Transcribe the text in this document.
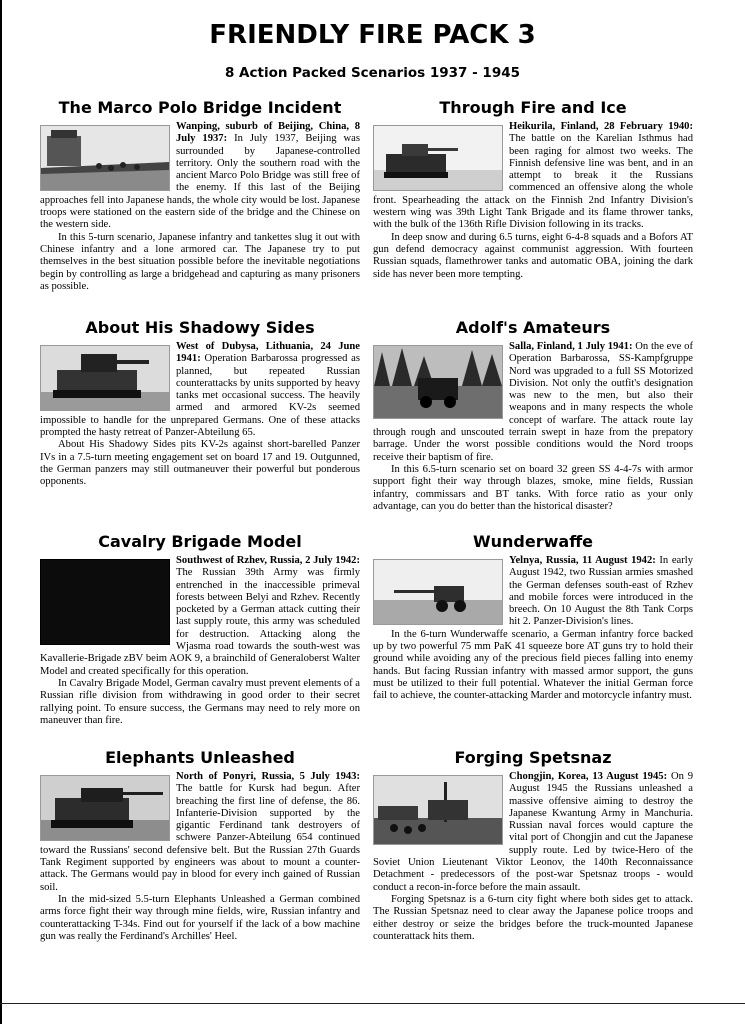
FRIENDLY FIRE PACK 3
8 Action Packed Scenarios 1937 - 1945
The Marco Polo Bridge Incident

Wanping, suburb of Beijing, China, 8 July 1937: In July 1937, Beijing was surrounded by Japanese-controlled territory. Only the southern road with the ancient Marco Polo Bridge was still free of the enemy. If this last of the Beijing approaches fell into Japanese hands, the whole city would be lost. Japanese troops were stationed on the eastern side of the bridge and the Chinese on the western side.

In this 5-turn scenario, Japanese infantry and tankettes slug it out with Chinese infantry and a lone armored car. The Japanese try to put themselves in the best situation possible before the inevitable negotiations begin by controlling as large a bridgehead and capturing as many prisoners as possible.

Through Fire and Ice

Heikurila, Finland, 28 February 1940: The battle on the Karelian Isthmus had been raging for almost two weeks. The Finnish defensive line was bent, and in an attempt to break it the Russians commenced an offensive along the whole front. Spearheading the attack on the Finnish 2nd Infantry Division's western wing was 39th Light Tank Brigade and its flame thrower tanks, with the bulk of the 136th Rifle Division following in its tracks.

In deep snow and during 6.5 turns, eight 6-4-8 squads and a Bofors AT gun defend democracy against communist aggression. With fourteen Russian squads, flamethrower tanks and automatic OBA, joining the dark side has never been more tempting.

About His Shadowy Sides

West of Dubysa, Lithuania, 24 June 1941: Operation Barbarossa progressed as planned, but repeated Russian counterattacks by units supported by heavy tanks met occasional success. The heavily armed and armored KV-2s seemed impossible to handle for the unprepared Germans. One of these attacks prompted the hasty retreat of Panzer-Abteilung 65.

About His Shadowy Sides pits KV-2s against short-barelled Panzer IVs in a 7.5-turn meeting engagement set on board 17 and 19. Outgunned, the German panzers may still outmaneuver their powerful but ponderous opponents.

Adolf's Amateurs

Salla, Finland, 1 July 1941: On the eve of Operation Barbarossa, SS-Kampfgruppe Nord was upgraded to a full SS Motorized Division. Not only the outfit's designation was new to the men, but also their weapons and in many respects the whole concept of warfare. The attack route lay through rough and unscouted terrain swept in haze from the prepatory barrage. Under the worst possible conditions would the Nord troops receive their baptism of fire.

In this 6.5-turn scenario set on board 32 green SS 4-4-7s with armor support fight their way through blazes, smoke, mine fields, Russian infantry, commissars and BT tanks. With force ratio as your only advantage, can you do better than the historical disaster?

Cavalry Brigade Model

Southwest of Rzhev, Russia, 2 July 1942: The Russian 39th Army was firmly entrenched in the inaccessible primeval forests between Belyi and Rzhev. Recently pocketed by a German attack cutting their last supply route, this army was scheduled for destruction. Attacking along the Wjasma road towards the south-west was Kavallerie-Brigade zBV beim AOK 9, a brainchild of Generaloberst Walter Model and created specifically for this operation.

In Cavalry Brigade Model, German cavalry must prevent elements of a Russian rifle division from withdrawing in good order to their secret rallying point. To ensure success, the Germans may need to rely more on maneuver than fire.

Wunderwaffe

Yelnya, Russia, 11 August 1942: In early August 1942, two Russian armies smashed the German defenses south-east of Rzhev and mobile forces were introduced in the breech. On 10 August the 8th Tank Corps hit 2. Panzer-Division's lines.

In the 6-turn Wunderwaffe scenario, a German infantry force backed up by two powerful 75 mm PaK 41 squeeze bore AT guns try to hold their ground while avoiding any of the precious field pieces falling into enemy hands. But facing Russian infantry with massed armor support, the guns must be utilized to their full potential. Whatever the initial German force fail to achieve, the counter-attacking Marder and motorcycle infantry must.

Elephants Unleashed

North of Ponyri, Russia, 5 July 1943: The battle for Kursk had begun. After breaching the first line of defense, the 86. Infanterie-Division supported by the gigantic Ferdinand tank destroyers of schwere Panzer-Abteilung 654 continued toward the Russians' second defensive belt. But the Russian 27th Guards Tank Regiment supported by engineers was about to mount a counter-attack. The Germans would pay in blood for every inch gained of Russian soil.

In the mid-sized 5.5-turn Elephants Unleashed a German combined arms force fight their way through mine fields, wire, Russian infantry and counterattacking T-34s. Find out for yourself if the lack of a bow machine gun was really the Ferdinand's Archilles' Heel.

Forging Spetsnaz

Chongjin, Korea, 13 August 1945: On 9 August 1945 the Russians unleashed a massive offensive aiming to destroy the Japanese Kwantung Army in Manchuria. Russian naval forces would capture the vital port of Chongjin and cut the Japanese supply route. Led by twice-Hero of the Soviet Union Lieutenant Viktor Leonov, the 140th Reconnaissance Detachment - predecessors of the post-war Spetsnaz troops - would conduct a recon-in-force before the main assault.

Forging Spetsnaz is a 6-turn city fight where both sides get to attack. The Russian Spetsnaz need to clear away the Japanese police troops and either destroy or seize the bridges before the truck-mounted Japanese counterattack hits them.
